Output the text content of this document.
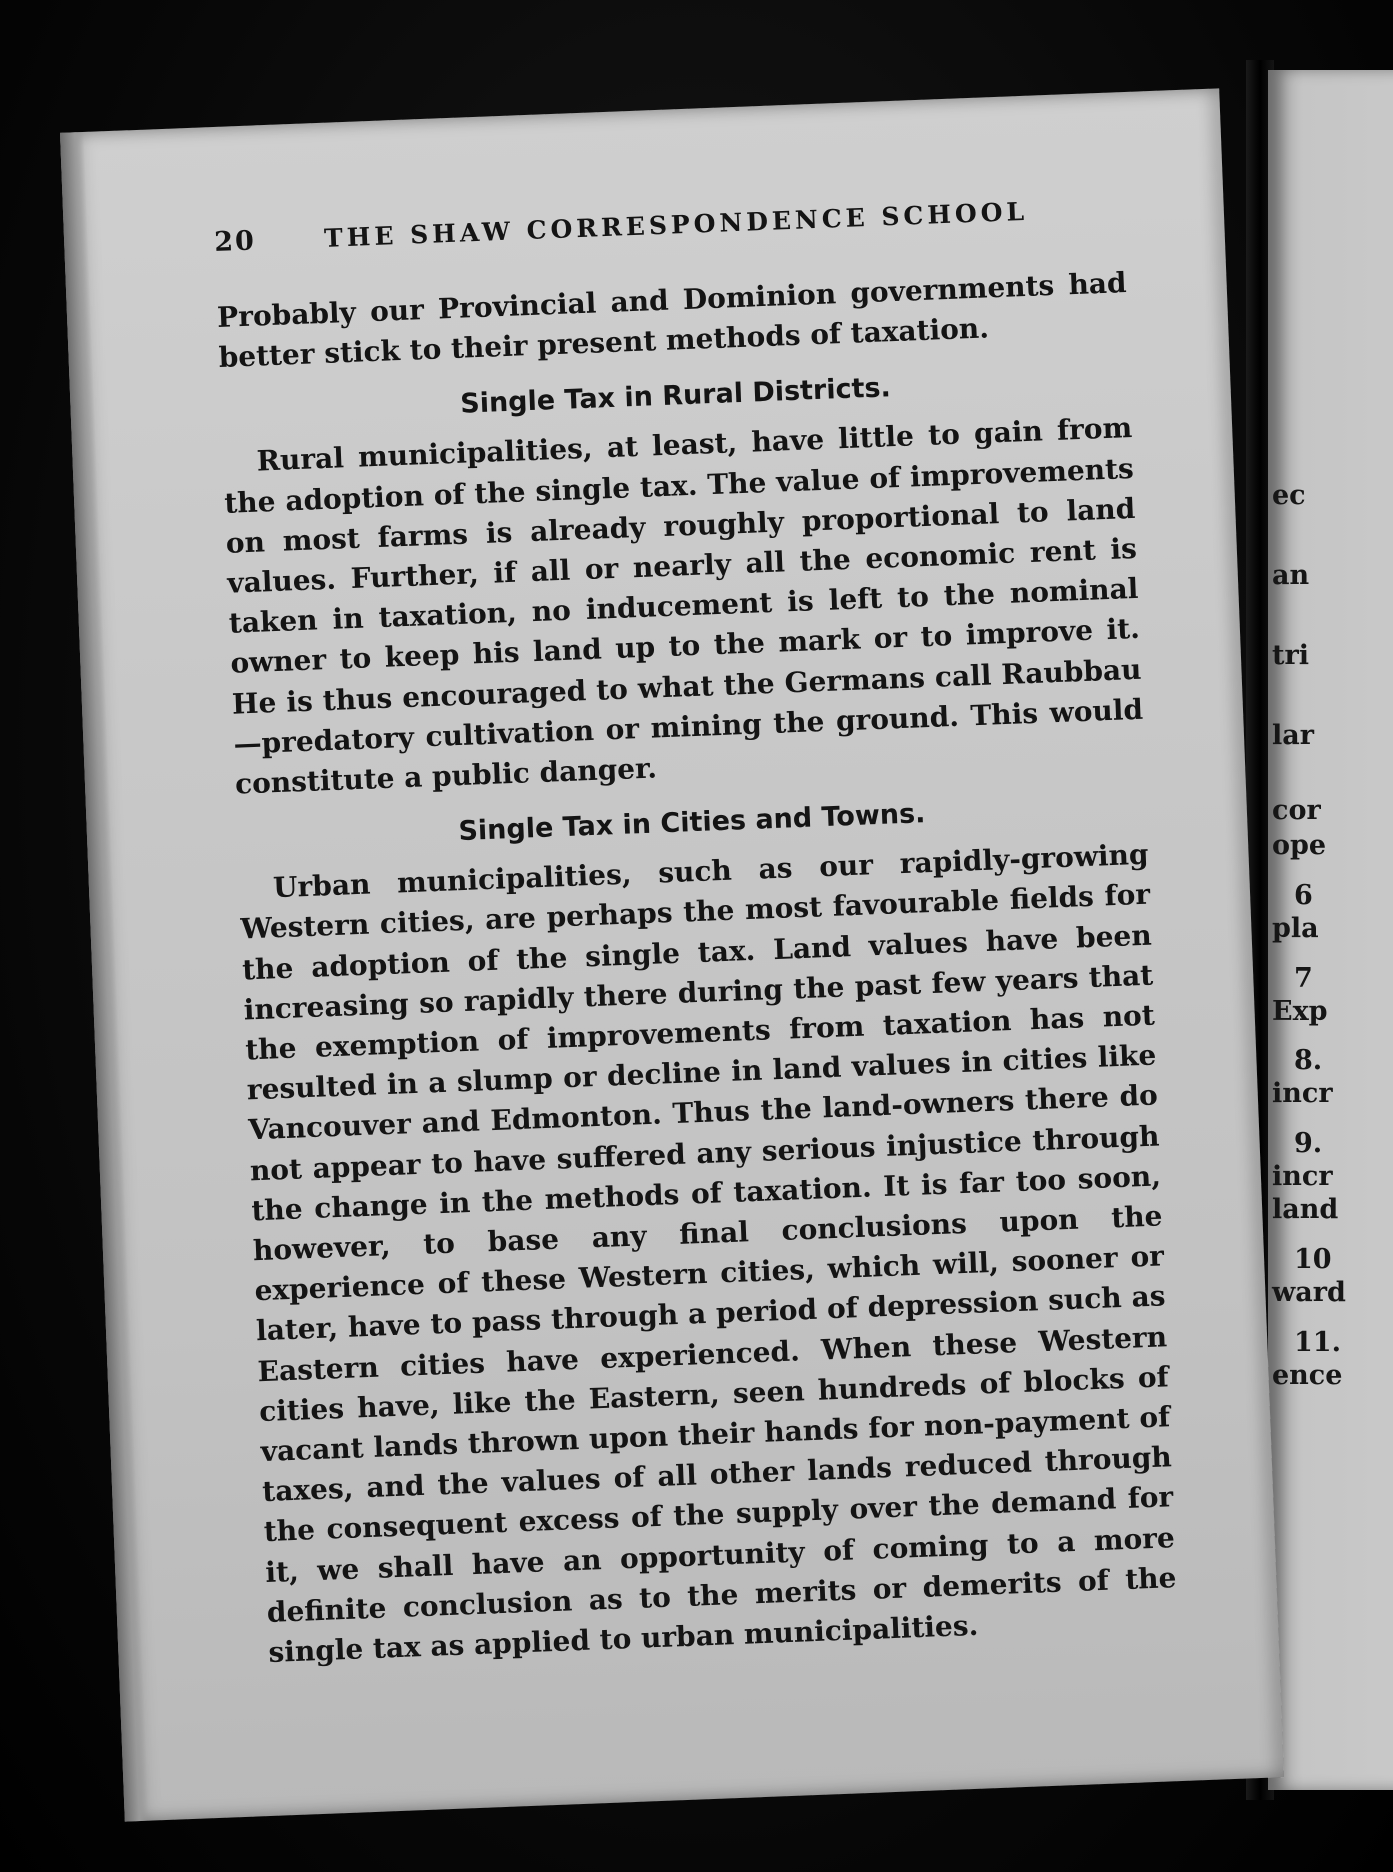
ec
an
tri
lar
cor
ope
6
pla
7
Exp
8.
incr
9.
incr
land
10
ward
11.
ence
20	THE SHAW CORRESPONDENCE SCHOOL

Probably our Provincial and Dominion governments had better stick to their present methods of taxation.

Single Tax in Rural Districts.

Rural municipalities, at least, have little to gain from the adoption of the single tax. The value of improvements on most farms is already roughly proportional to land values. Further, if all or nearly all the economic rent is taken in taxation, no inducement is left to the nominal owner to keep his land up to the mark or to improve it. He is thus encouraged to what the Germans call Raubbau—predatory cultivation or mining the ground. This would constitute a public danger.

Single Tax in Cities and Towns.

Urban municipalities, such as our rapidly-growing Western cities, are perhaps the most favourable fields for the adoption of the single tax. Land values have been increasing so rapidly there during the past few years that the exemption of improvements from taxation has not resulted in a slump or decline in land values in cities like Vancouver and Edmonton. Thus the land-owners there do not appear to have suffered any serious injustice through the change in the methods of taxation. It is far too soon, however, to base any final conclusions upon the experience of these Western cities, which will, sooner or later, have to pass through a period of depression such as Eastern cities have experienced. When these Western cities have, like the Eastern, seen hundreds of blocks of vacant lands thrown upon their hands for non-payment of taxes, and the values of all other lands reduced through the consequent excess of the supply over the demand for it, we shall have an opportunity of coming to a more definite conclusion as to the merits or demerits of the single tax as applied to urban municipalities.
